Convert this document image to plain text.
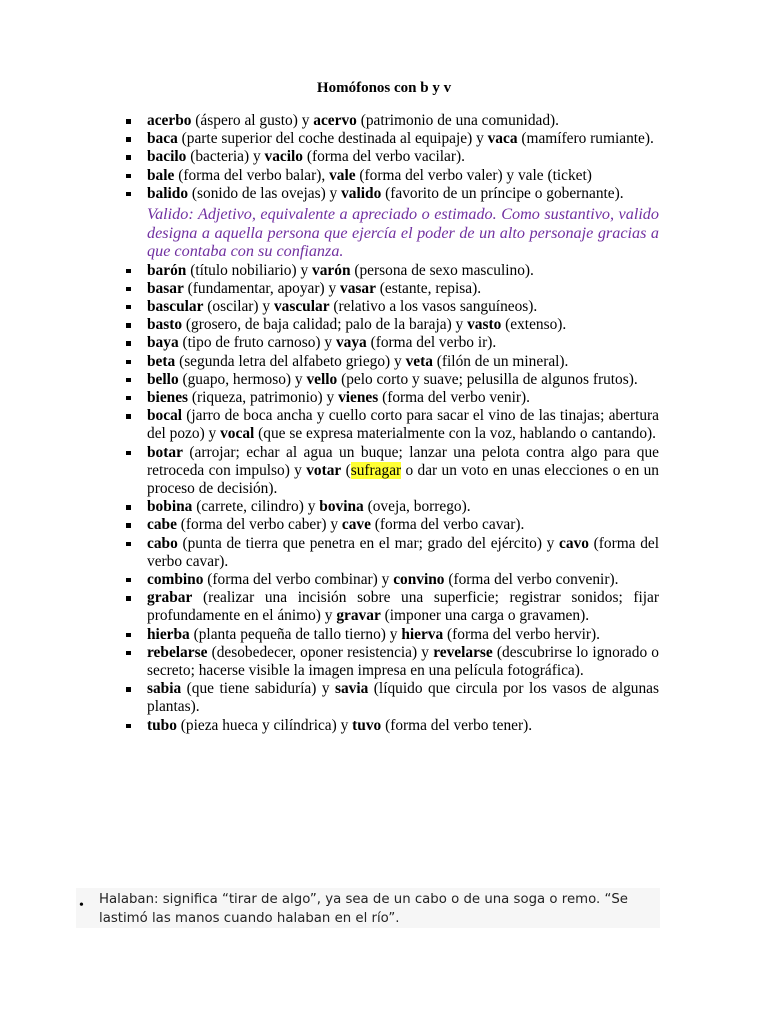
Homófonos con b y v
acerbo (áspero al gusto) y acervo (patrimonio de una comunidad).
baca (parte superior del coche destinada al equipaje) y vaca (mamífero rumiante).
bacilo (bacteria) y vacilo (forma del verbo vacilar).
bale (forma del verbo balar), vale (forma del verbo valer) y vale (ticket)
balido (sonido de las ovejas) y valido (favorito de un príncipe o gobernante).
Valido: Adjetivo, equivalente a apreciado o estimado. Como sustantivo, valido designa a aquella persona que ejercía el poder de un alto personaje gracias a que contaba con su confianza.
barón (título nobiliario) y varón (persona de sexo masculino).
basar (fundamentar, apoyar) y vasar (estante, repisa).
bascular (oscilar) y vascular (relativo a los vasos sanguíneos).
basto (grosero, de baja calidad; palo de la baraja) y vasto (extenso).
baya (tipo de fruto carnoso) y vaya (forma del verbo ir).
beta (segunda letra del alfabeto griego) y veta (filón de un mineral).
bello (guapo, hermoso) y vello (pelo corto y suave; pelusilla de algunos frutos).
bienes (riqueza, patrimonio) y vienes (forma del verbo venir).
bocal (jarro de boca ancha y cuello corto para sacar el vino de las tinajas; abertura del pozo) y vocal (que se expresa materialmente con la voz, hablando o cantando).
botar (arrojar; echar al agua un buque; lanzar una pelota contra algo para que retroceda con impulso) y votar (sufragar o dar un voto en unas elecciones o en un proceso de decisión).
bobina (carrete, cilindro) y bovina (oveja, borrego).
cabe (forma del verbo caber) y cave (forma del verbo cavar).
cabo (punta de tierra que penetra en el mar; grado del ejército) y cavo (forma del verbo cavar).
combino (forma del verbo combinar) y convino (forma del verbo convenir).
grabar (realizar una incisión sobre una superficie; registrar sonidos; fijar profundamente en el ánimo) y gravar (imponer una carga o gravamen).
hierba (planta pequeña de tallo tierno) y hierva (forma del verbo hervir).
rebelarse (desobedecer, oponer resistencia) y revelarse (descubrirse lo ignorado o secreto; hacerse visible la imagen impresa en una película fotográfica).
sabia (que tiene sabiduría) y savia (líquido que circula por los vasos de algunas plantas).
tubo (pieza hueca y cilíndrica) y tuvo (forma del verbo tener).
• Halaban: significa “tirar de algo”, ya sea de un cabo o de una soga o remo. “Se lastimó las manos cuando halaban en el río”.
